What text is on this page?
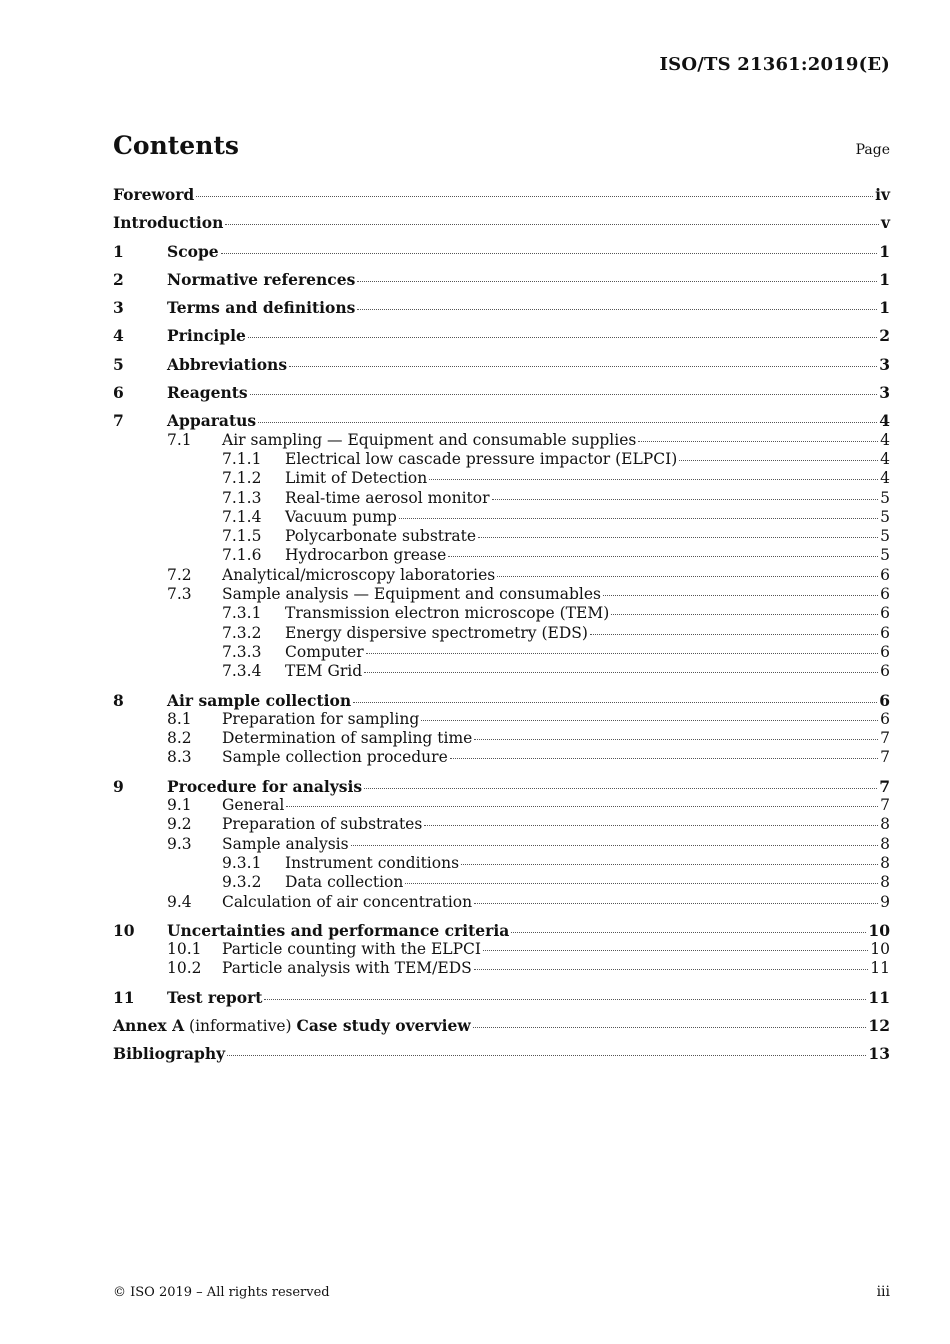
ISO/TS 21361:2019(E)
Contents	Page
Foreword	iv
Introduction	v
1	Scope	1
2	Normative references	1
3	Terms and definitions	1
4	Principle	2
5	Abbreviations	3
6	Reagents	3
7	Apparatus	4
7.1	Air sampling — Equipment and consumable supplies	4
7.1.1	Electrical low cascade pressure impactor (ELPCI)	4
7.1.2	Limit of Detection	4
7.1.3	Real-time aerosol monitor	5
7.1.4	Vacuum pump	5
7.1.5	Polycarbonate substrate	5
7.1.6	Hydrocarbon grease	5
7.2	Analytical/microscopy laboratories	6
7.3	Sample analysis — Equipment and consumables	6
7.3.1	Transmission electron microscope (TEM)	6
7.3.2	Energy dispersive spectrometry (EDS)	6
7.3.3	Computer	6
7.3.4	TEM Grid	6
8	Air sample collection	6
8.1	Preparation for sampling	6
8.2	Determination of sampling time	7
8.3	Sample collection procedure	7
9	Procedure for analysis	7
9.1	General	7
9.2	Preparation of substrates	8
9.3	Sample analysis	8
9.3.1	Instrument conditions	8
9.3.2	Data collection	8
9.4	Calculation of air concentration	9
10	Uncertainties and performance criteria	10
10.1	Particle counting with the ELPCI	10
10.2	Particle analysis with TEM/EDS	11
11	Test report	11
Annex A (informative) Case study overview	12
Bibliography	13
© ISO 2019 – All rights reserved	iii
